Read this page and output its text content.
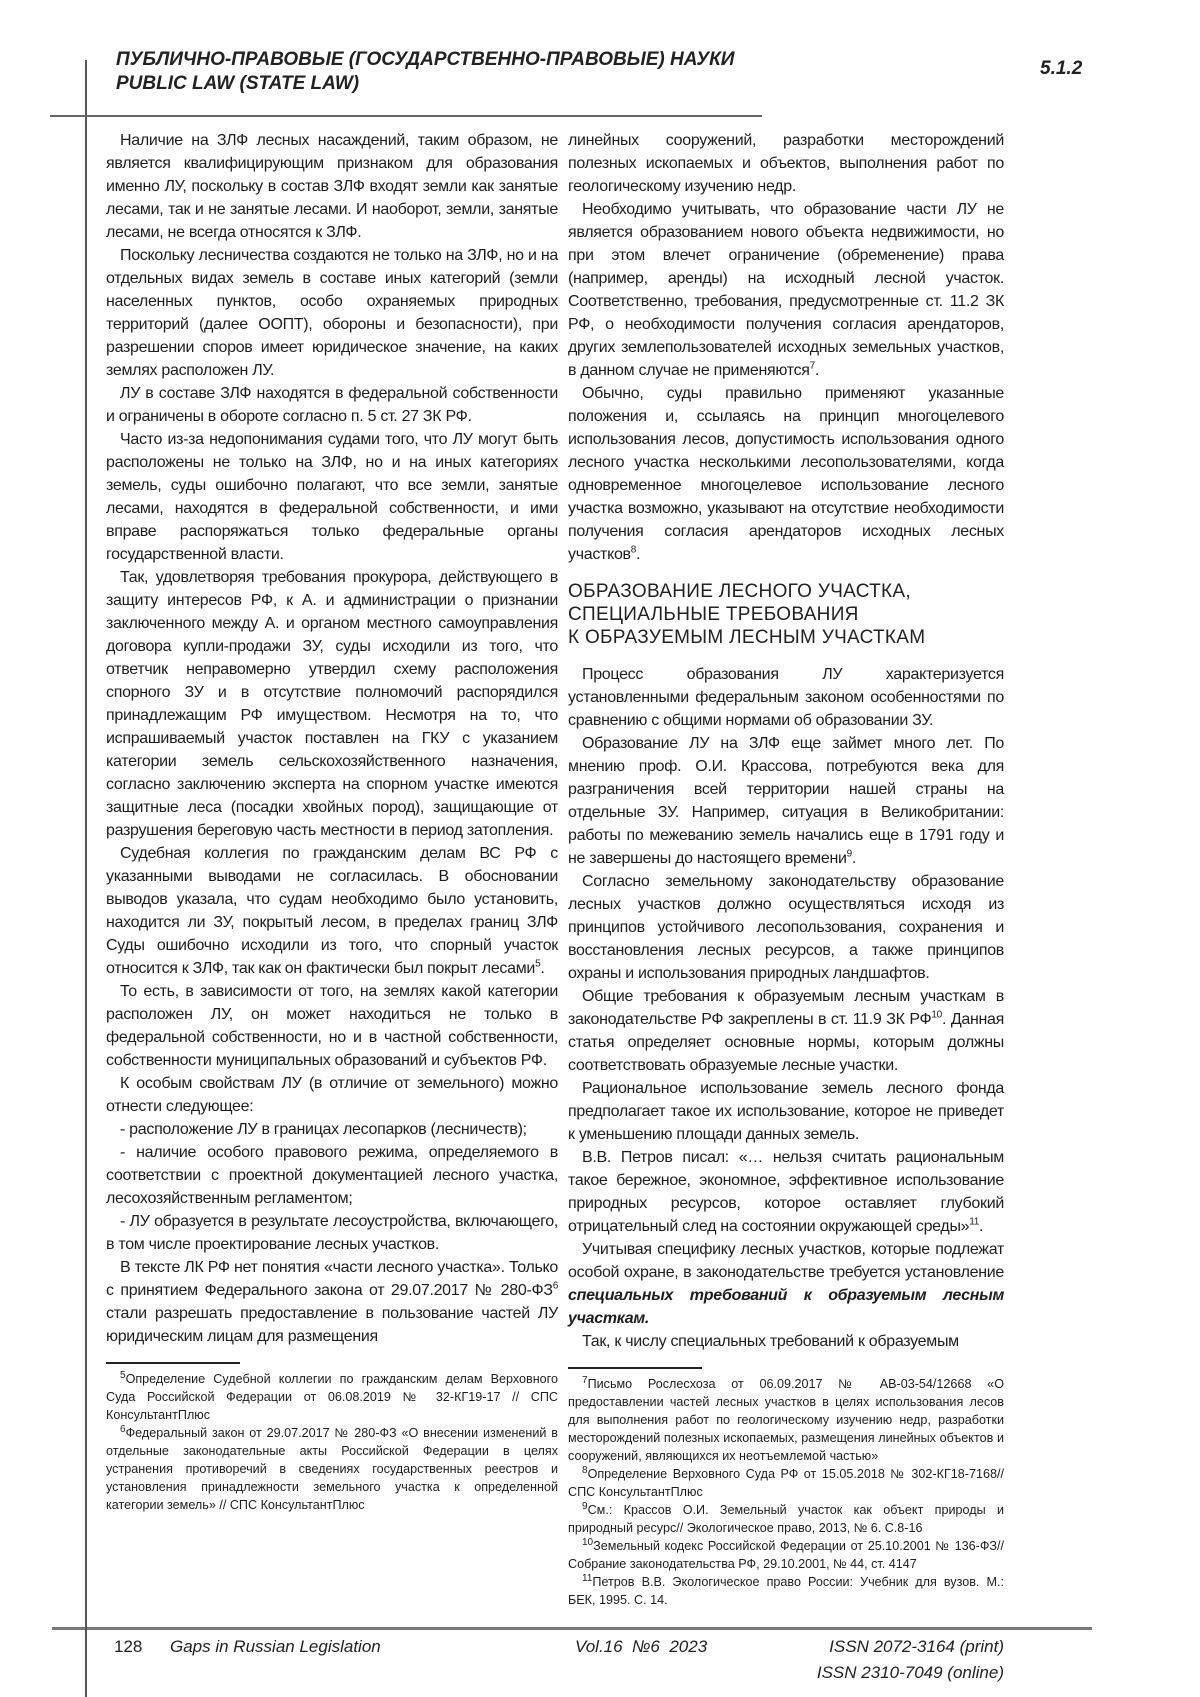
ПУБЛИЧНО-ПРАВОВЫЕ (ГОСУДАРСТВЕННО-ПРАВОВЫЕ) НАУКИ
PUBLIC LAW (STATE LAW)
5.1.2

Наличие на ЗЛФ лесных насаждений, таким образом, не является квалифицирующим признаком для образования именно ЛУ, поскольку в состав ЗЛФ входят земли как занятые лесами, так и не занятые лесами. И наоборот, земли, занятые лесами, не всегда относятся к ЗЛФ.

Поскольку лесничества создаются не только на ЗЛФ, но и на отдельных видах земель в составе иных категорий (земли населенных пунктов, особо охраняемых природных территорий (далее ООПТ), обороны и безопасности), при разрешении споров имеет юридическое значение, на каких землях расположен ЛУ.

ЛУ в составе ЗЛФ находятся в федеральной собственности и ограничены в обороте согласно п. 5 ст. 27 ЗК РФ.

Часто из-за недопонимания судами того, что ЛУ могут быть расположены не только на ЗЛФ, но и на иных категориях земель, суды ошибочно полагают, что все земли, занятые лесами, находятся в федеральной собственности, и ими вправе распоряжаться только федеральные органы государственной власти.

Так, удовлетворяя требования прокурора, действующего в защиту интересов РФ, к А. и администрации о признании заключенного между А. и органом местного самоуправления договора купли-продажи ЗУ, суды исходили из того, что ответчик неправомерно утвердил схему расположения спорного ЗУ и в отсутствие полномочий распорядился принадлежащим РФ имуществом. Несмотря на то, что испрашиваемый участок поставлен на ГКУ с указанием категории земель сельскохозяйственного назначения, согласно заключению эксперта на спорном участке имеются защитные леса (посадки хвойных пород), защищающие от разрушения береговую часть местности в период затопления.

Судебная коллегия по гражданским делам ВС РФ с указанными выводами не согласилась. В обосновании выводов указала, что судам необходимо было установить, находится ли ЗУ, покрытый лесом, в пределах границ ЗЛФ Суды ошибочно исходили из того, что спорный участок относится к ЗЛФ, так как он фактически был покрыт лесами$^5$.

То есть, в зависимости от того, на землях какой категории расположен ЛУ, он может находиться не только в федеральной собственности, но и в частной собственности, собственности муниципальных образований и субъектов РФ.

К особым свойствам ЛУ (в отличие от земельного) можно отнести следующее:

- расположение ЛУ в границах лесопарков (лесничеств);

- наличие особого правового режима, определяемого в соответствии с проектной документацией лесного участка, лесохозяйственным регламентом;

- ЛУ образуется в результате лесоустройства, включающего, в том числе проектирование лесных участков.

В тексте ЛК РФ нет понятия «части лесного участка». Только с принятием Федерального закона от 29.07.2017 № $280-ФЗ^6$ стали разрешать предоставление в пользование частей ЛУ юридическим лицам для размещения

$^5$Определение Судебной коллегии по гражданским делам Верховного Суда Российской Федерации от 06.08.2019 № 32-КГ19-17 // СПС КонсультантПлюс

$^6$Федеральный закон от 29.07.2017 № 280-ФЗ «О внесении изменений в отдельные законодательные акты Российской Федерации в целях устранения противоречий в сведениях государственных реестров и установления принадлежности земельного участка к определенной категории земель» // СПС КонсультантПлюс

линейных сооружений, разработки месторождений полезных ископаемых и объектов, выполнения работ по геологическому изучению недр.

Необходимо учитывать, что образование части ЛУ не является образованием нового объекта недвижимости, но при этом влечет ограничение (обременение) права (например, аренды) на исходный лесной участок. Соответственно, требования, предусмотренные ст. 11.2 ЗК РФ, о необходимости получения согласия арендаторов, других землепользователей исходных земельных участков, в данном случае не применяются$^7$.

Обычно, суды правильно применяют указанные положения и, ссылаясь на принцип многоцелевого использования лесов, допустимость использования одного лесного участка несколькими лесопользователями, когда одновременное многоцелевое использование лесного участка возможно, указывают на отсутствие необходимости получения согласия арендаторов исходных лесных участков$^8$.

ОБРАЗОВАНИЕ ЛЕСНОГО УЧАСТКА,
СПЕЦИАЛЬНЫЕ ТРЕБОВАНИЯ
К ОБРАЗУЕМЫМ ЛЕСНЫМ УЧАСТКАМ

Процесс образования ЛУ характеризуется установленными федеральным законом особенностями по сравнению с общими нормами об образовании ЗУ.

Образование ЛУ на ЗЛФ еще займет много лет. По мнению проф. О.И. Крассова, потребуются века для разграничения всей территории нашей страны на отдельные ЗУ. Например, ситуация в Великобритании: работы по межеванию земель начались еще в 1791 году и не завершены до настоящего времени$^9$.

Согласно земельному законодательству образование лесных участков должно осуществляться исходя из принципов устойчивого лесопользования, сохранения и восстановления лесных ресурсов, а также принципов охраны и использования природных ландшафтов.

Общие требования к образуемым лесным участкам в законодательстве РФ закреплены в ст. 11.9 ЗК РФ$^{10}$. Данная статья определяет основные нормы, которым должны соответствовать образуемые лесные участки.

Рациональное использование земель лесного фонда предполагает такое их использование, которое не приведет к уменьшению площади данных земель.

В.В. Петров писал: «… нельзя считать рациональным такое бережное, экономное, эффективное использование природных ресурсов, которое оставляет глубокий отрицательный след на состоянии окружающей среды»$^{11}$.

Учитывая специфику лесных участков, которые подлежат особой охране, в законодательстве требуется установление специальных требований к образуемым лесным участкам.

Так, к числу специальных требований к образуемым

$^7$Письмо Рослесхоза от 06.09.2017 № АВ-03-54/12668 «О предоставлении частей лесных участков в целях использования лесов для выполнения работ по геологическому изучению недр, разработки месторождений полезных ископаемых, размещения линейных объектов и сооружений, являющихся их неотъемлемой частью»

$^8$Определение Верховного Суда РФ от 15.05.2018 № 302-КГ18-7168// СПС КонсультантПлюс

$^9$См.: Крассов О.И. Земельный участок как объект природы и природный ресурс// Экологическое право, 2013, № 6. С.8-16

$^{10}$Земельный кодекс Российской Федерации от 25.10.2001 № 136-ФЗ// Собрание законодательства РФ, 29.10.2001, № 44, ст. 4147

$^{11}$Петров В.В. Экологическое право России: Учебник для вузов. М.: БЕК, 1995. С. 14.

128 Gaps in Russian Legislation	Vol.16  №6  2023	ISSN 2072-3164 (print)
ISSN 2310-7049 (online)
